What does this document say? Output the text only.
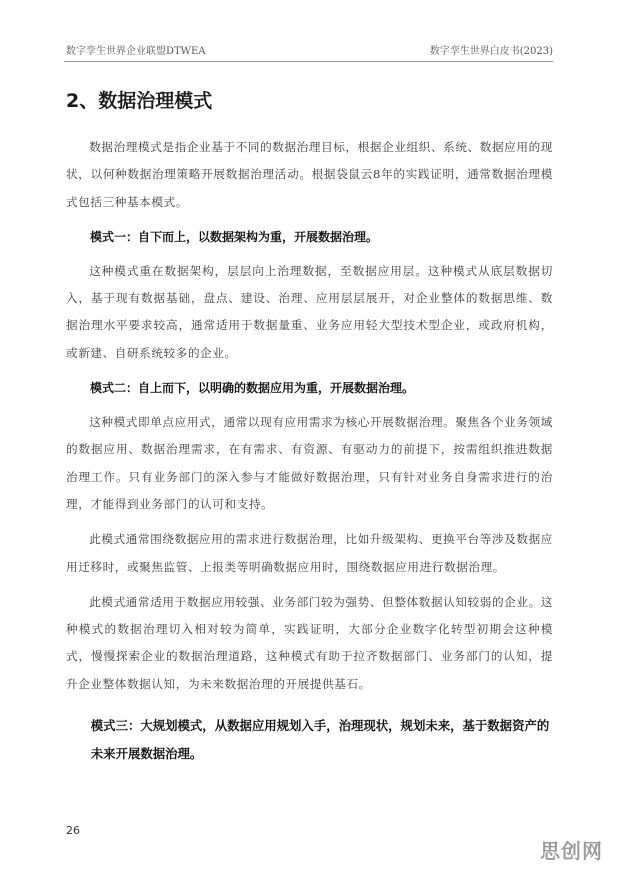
数字孪生世界企业联盟DTWEA	数字孪生世界白皮书(2023)
2、数据治理模式

数据治理模式是指企业基于不同的数据治理目标，根据企业组织、系统、数据应用的现状，以何种数据治理策略开展数据治理活动。根据袋鼠云8年的实践证明，通常数据治理模式包括三种基本模式。

模式一：自下而上，以数据架构为重，开展数据治理。

这种模式重在数据架构，层层向上治理数据，至数据应用层。这种模式从底层数据切入，基于现有数据基础，盘点、建设、治理、应用层层展开，对企业整体的数据思维、数据治理水平要求较高，通常适用于数据量重、业务应用轻大型技术型企业，或政府机构，或新建、自研系统较多的企业。

模式二：自上而下，以明确的数据应用为重，开展数据治理。

这种模式即单点应用式，通常以现有应用需求为核心开展数据治理。聚焦各个业务领域的数据应用、数据治理需求，在有需求、有资源、有驱动力的前提下，按需组织推进数据治理工作。只有业务部门的深入参与才能做好数据治理，只有针对业务自身需求进行的治理，才能得到业务部门的认可和支持。

此模式通常围绕数据应用的需求进行数据治理，比如升级架构、更换平台等涉及数据应用迁移时，或聚焦监管、上报类等明确数据应用时，围绕数据应用进行数据治理。

此模式通常适用于数据应用较强、业务部门较为强势、但整体数据认知较弱的企业。这种模式的数据治理切入相对较为简单，实践证明，大部分企业数字化转型初期会这种模式，慢慢探索企业的数据治理道路，这种模式有助于拉齐数据部门、业务部门的认知，提升企业整体数据认知，为未来数据治理的开展提供基石。

模式三：大规划模式，从数据应用规划入手，治理现状，规划未来，基于数据资产的未来开展数据治理。

26
思创网
